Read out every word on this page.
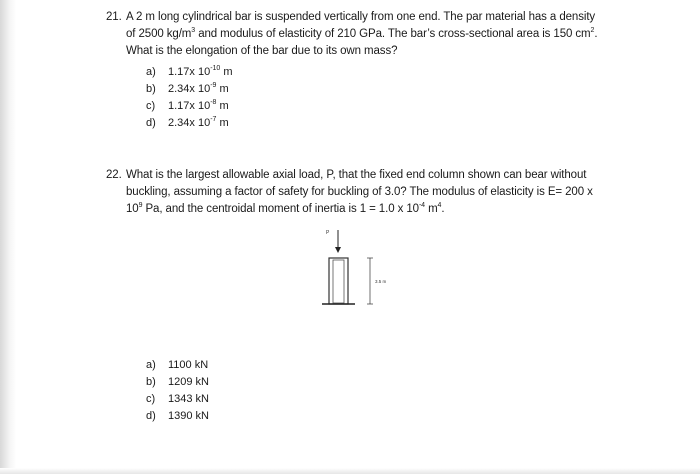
21. A 2 m long cylindrical bar is suspended vertically from one end. The par material has a density
of 2500 $kg/m^3$ and modulus of elasticity of 210 GPa. The bar’s cross-sectional area is 150 $cm^2$.
What is the elongation of the bar due to its own mass?
a) 1.17x $10^{-10}$ m
b) 2.34x $10^{-9}$ m
c) 1.17x $10^{-8}$ m
d) 2.34x $10^{-7}$ m
22. What is the largest allowable axial load, P, that the fixed end column shown can bear without
buckling, assuming a factor of safety for buckling of 3.0? The modulus of elasticity is E= 200 x
$10^9$ Pa, and the centroidal moment of inertia is 1 = 1.0 x $10^{-4}$ $m^4$.
P
3.5 m
a) 1100 kN
b) 1209 kN
c) 1343 kN
d) 1390 kN
